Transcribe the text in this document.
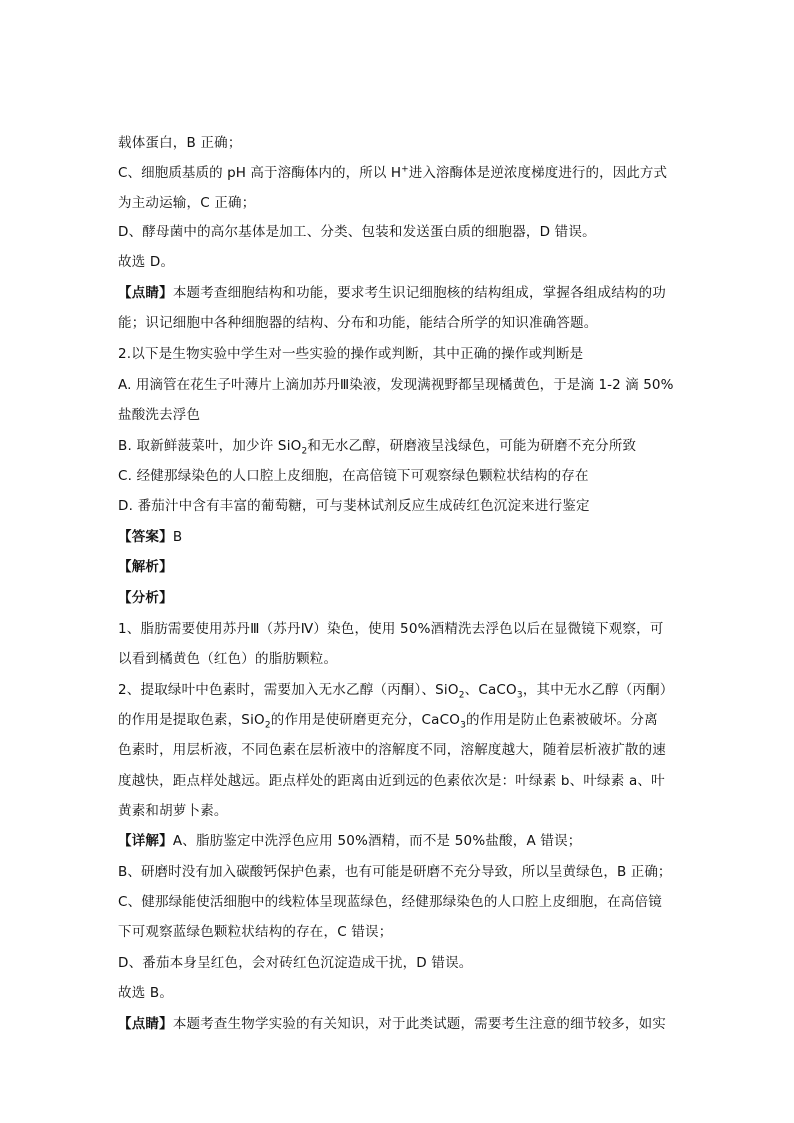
载体蛋白，B 正确；
C、细胞质基质的 pH 高于溶酶体内的，所以 H+进入溶酶体是逆浓度梯度进行的，因此方式
为主动运输，C 正确；
D、酵母菌中的高尔基体是加工、分类、包装和发送蛋白质的细胞器，D 错误。
故选 D。
【点睛】本题考查细胞结构和功能，要求考生识记细胞核的结构组成，掌握各组成结构的功
能；识记细胞中各种细胞器的结构、分布和功能，能结合所学的知识准确答题。
2.以下是生物实验中学生对一些实验的操作或判断，其中正确的操作或判断是
A. 用滴管在花生子叶薄片上滴加苏丹Ⅲ染液，发现满视野都呈现橘黄色，于是滴 1-2 滴 50%
盐酸洗去浮色
B. 取新鲜菠菜叶，加少许 SiO$_2$和无水乙醇，研磨液呈浅绿色，可能为研磨不充分所致
C. 经健那绿染色的人口腔上皮细胞，在高倍镜下可观察绿色颗粒状结构的存在
D. 番茄汁中含有丰富的葡萄糖，可与斐林试剂反应生成砖红色沉淀来进行鉴定
【答案】B
【解析】
【分析】
1、脂肪需要使用苏丹Ⅲ（苏丹Ⅳ）染色，使用 50%酒精洗去浮色以后在显微镜下观察，可
以看到橘黄色（红色）的脂肪颗粒。
2、提取绿叶中色素时，需要加入无水乙醇（丙酮）、SiO$_2$、CaCO$_3$，其中无水乙醇（丙酮）
的作用是提取色素，SiO$_2$的作用是使研磨更充分，CaCO$_3$的作用是防止色素被破坏。分离
色素时，用层析液，不同色素在层析液中的溶解度不同，溶解度越大，随着层析液扩散的速
度越快，距点样处越远。距点样处的距离由近到远的色素依次是：叶绿素 b、叶绿素 a、叶
黄素和胡萝卜素。
【详解】A、脂肪鉴定中洗浮色应用 50%酒精，而不是 50%盐酸，A 错误；
B、研磨时没有加入碳酸钙保护色素，也有可能是研磨不充分导致，所以呈黄绿色，B 正确；
C、健那绿能使活细胞中的线粒体呈现蓝绿色，经健那绿染色的人口腔上皮细胞，在高倍镜
下可观察蓝绿色颗粒状结构的存在，C 错误；
D、番茄本身呈红色，会对砖红色沉淀造成干扰，D 错误。
故选 B。
【点睛】本题考查生物学实验的有关知识，对于此类试题，需要考生注意的细节较多，如实
